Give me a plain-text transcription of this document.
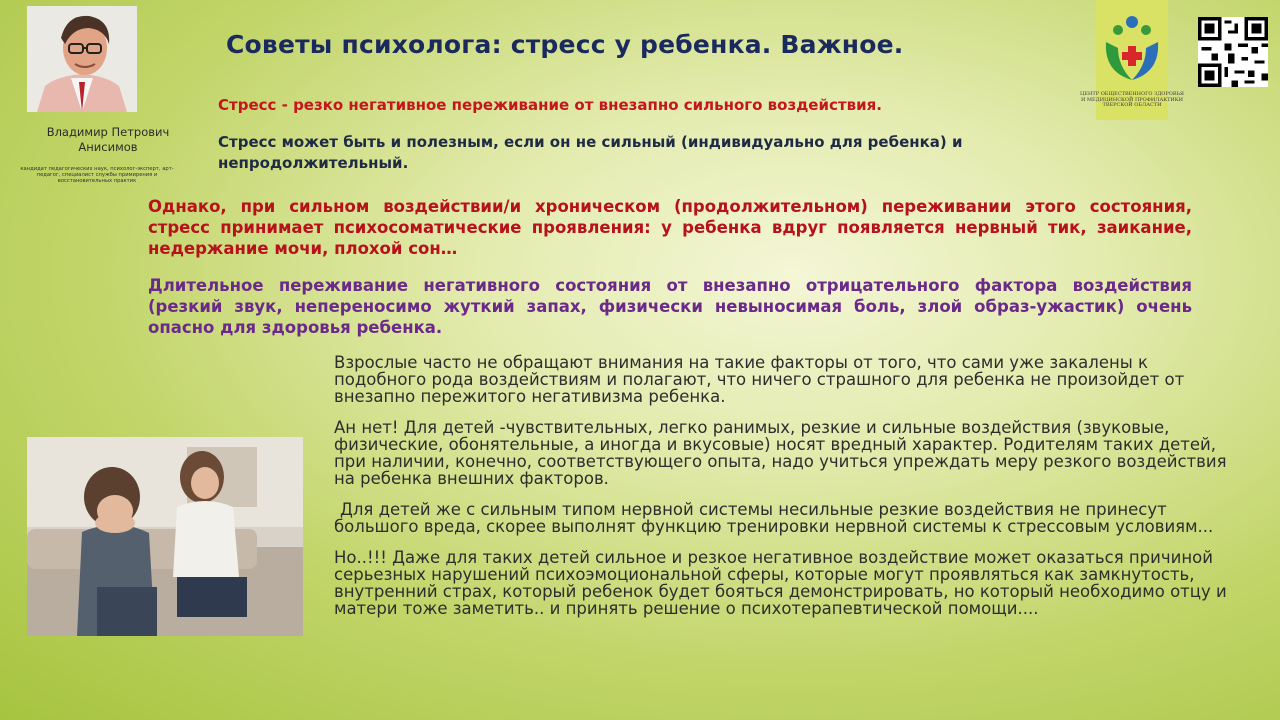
Владимир Петрович Анисимов
кандидат педагогических наук, психолог-эксперт, арт-педагог, специалист службы примирения и восстановительных практик
Советы психолога: стресс у ребенка. Важное.
ЦЕНТР ОБЩЕСТВЕННОГО ЗДОРОВЬЯ И МЕДИЦИНСКОЙ ПРОФИЛАКТИКИ ТВЕРСКОЙ ОБЛАСТИ
Стресс - резко негативное переживание от внезапно сильного воздействия.
Стресс может быть и полезным, если он не сильный (индивидуально для ребенка) и непродолжительный.
Однако, при сильном воздействии/и хроническом (продолжительном) переживании этого состояния, стресс принимает психосоматические проявления: у ребенка вдруг появляется нервный тик, заикание, недержание мочи, плохой сон…
Длительное переживание негативного состояния от внезапно отрицательного фактора воздействия (резкий звук, непереносимо жуткий запах, физически невыносимая боль, злой образ-ужастик) очень опасно для здоровья ребенка.

Взрослые часто не обращают внимания на такие факторы от того, что сами уже закалены к подобного рода воздействиям и полагают, что ничего страшного для ребенка не произойдет от внезапно пережитого негативизма ребенка.

Ан нет! Для детей -чувствительных, легко ранимых, резкие и сильные воздействия (звуковые, физические, обонятельные, а иногда и вкусовые) носят вредный характер. Родителям таких детей, при наличии, конечно, соответствующего опыта, надо учиться упреждать меру резкого воздействия на ребенка внешних факторов.

Для детей же с сильным типом нервной системы несильные резкие воздействия не принесут большого вреда, скорее выполнят функцию тренировки нервной системы к стрессовым условиям...

Но..!!! Даже для таких детей сильное и резкое негативное воздействие может оказаться причиной серьезных нарушений психоэмоциональной сферы, которые могут проявляться как замкнутость, внутренний страх, который ребенок будет бояться демонстрировать, но который необходимо отцу и матери тоже заметить.. и принять решение о психотерапевтической помощи....
